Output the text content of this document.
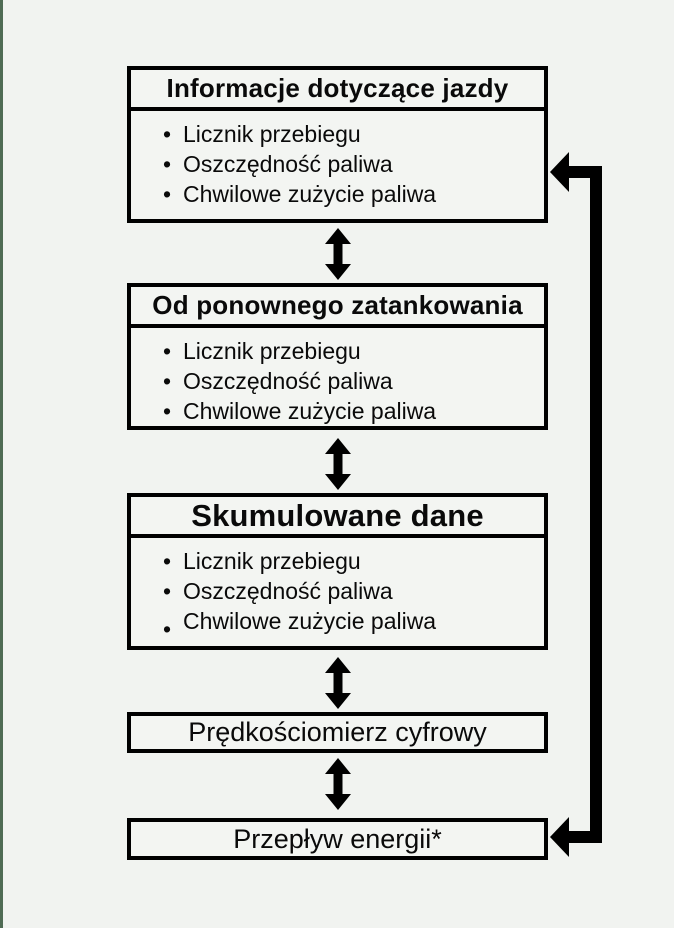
Informacje dotyczące jazdy
• Licznik przebiegu
• Oszczędność paliwa
• Chwilowe zużycie paliwa
Od ponownego zatankowania
• Licznik przebiegu
• Oszczędność paliwa
• Chwilowe zużycie paliwa
Skumulowane dane
• Licznik przebiegu
• Oszczędność paliwa
• Chwilowe zużycie paliwa
Prędkościomierz cyfrowy
Przepływ energii*
